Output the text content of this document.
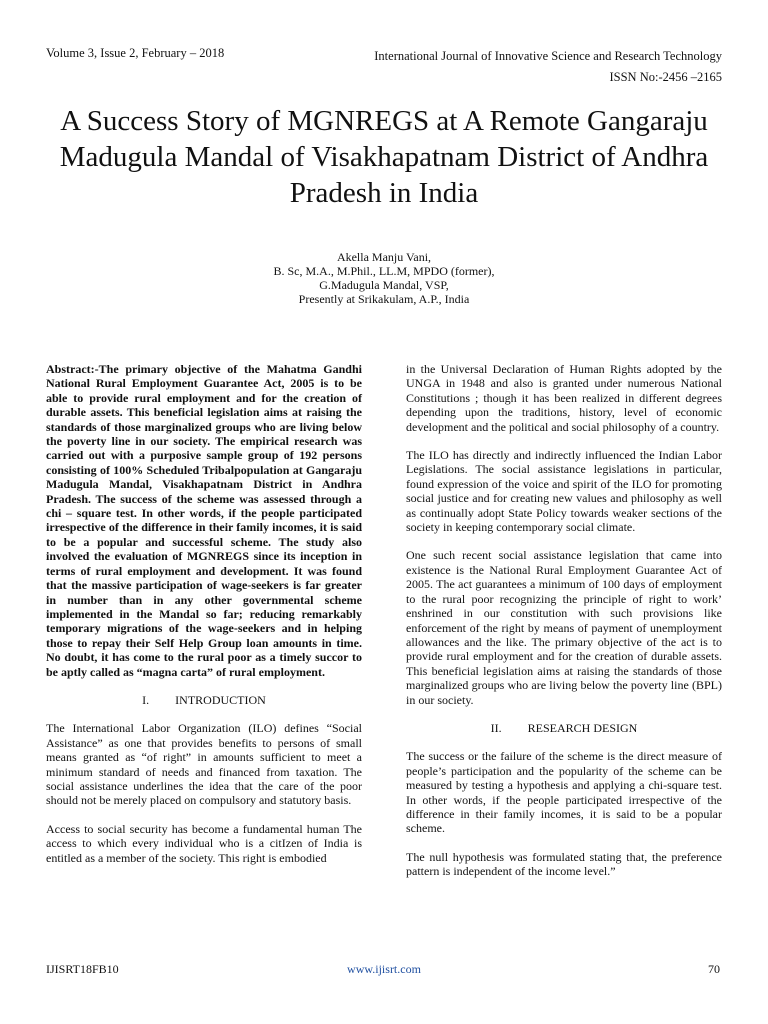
Volume 3, Issue 2, February – 2018	International Journal of Innovative Science and Research Technology
ISSN No:-2456 –2165
A Success Story of MGNREGS at A Remote Gangaraju Madugula Mandal of Visakhapatnam District of Andhra Pradesh in India
Akella Manju Vani,
B. Sc, M.A., M.Phil., LL.M, MPDO (former),
G.Madugula Mandal, VSP,
Presently at Srikakulam, A.P., India

Abstract:-The primary objective of the Mahatma Gandhi National Rural Employment Guarantee Act, 2005 is to be able to provide rural employment and for the creation of durable assets. This beneficial legislation aims at raising the standards of those marginalized groups who are living below the poverty line in our society. The empirical research was carried out with a purposive sample group of 192 persons consisting of 100% Scheduled Tribalpopulation at Gangaraju Madugula Mandal, Visakhapatnam District in Andhra Pradesh. The success of the scheme was assessed through a chi – square test. In other words, if the people participated irrespective of the difference in their family incomes, it is said to be a popular and successful scheme. The study also involved the evaluation of MGNREGS since its inception in terms of rural employment and development. It was found that the massive participation of wage-seekers is far greater in number than in any other governmental scheme implemented in the Mandal so far; reducing remarkably temporary migrations of the wage-seekers and in helping those to repay their Self Help Group loan amounts in time. No doubt, it has come to the rural poor as a timely succor to be aptly called as “magna carta” of rural employment.

I. INTRODUCTION

The International Labor Organization (ILO) defines “Social Assistance” as one that provides benefits to persons of small means granted as “of right” in amounts sufficient to meet a minimum standard of needs and financed from taxation. The social assistance underlines the idea that the care of the poor should not be merely placed on compulsory and statutory basis.

Access to social security has become a fundamental human The access to which every individual who is a citIzen of India is entitled as a member of the society. This right is embodied

in the Universal Declaration of Human Rights adopted by the UNGA in 1948 and also is granted under numerous National Constitutions ; though it has been realized in different degrees depending upon the traditions, history, level of economic development and the political and social philosophy of a country.

The ILO has directly and indirectly influenced the Indian Labor Legislations. The social assistance legislations in particular, found expression of the voice and spirit of the ILO for promoting social justice and for creating new values and philosophy as well as continually adopt State Policy towards weaker sections of the society in keeping contemporary social climate.

One such recent social assistance legislation that came into existence is the National Rural Employment Guarantee Act of 2005. The act guarantees a minimum of 100 days of employment to the rural poor recognizing the principle of right to work’ enshrined in our constitution with such provisions like enforcement of the right by means of payment of unemployment allowances and the like. The primary objective of the act is to provide rural employment and for the creation of durable assets. This beneficial legislation aims at raising the standards of those marginalized groups who are living below the poverty line (BPL) in our society.

II. RESEARCH DESIGN

The success or the failure of the scheme is the direct measure of people’s participation and the popularity of the scheme can be measured by testing a hypothesis and applying a chi-square test. In other words, if the people participated irrespective of the difference in their family incomes, it is said to be a popular scheme.

The null hypothesis was formulated stating that, the preference pattern is independent of the income level.”

IJISRT18FB10	www.ijisrt.com	70
